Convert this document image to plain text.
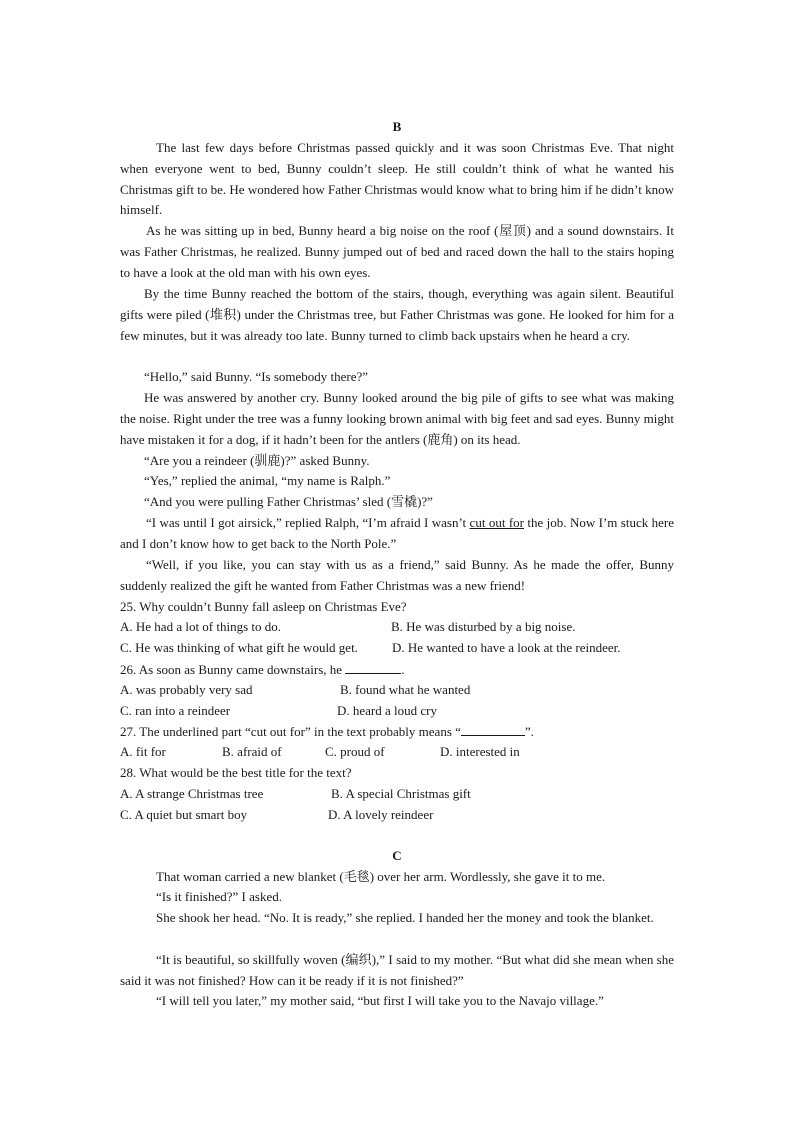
B

The last few days before Christmas passed quickly and it was soon Christmas Eve. That night when everyone went to bed, Bunny couldn’t sleep. He still couldn’t think of what he wanted his Christmas gift to be. He wondered how Father Christmas would know what to bring him if he didn’t know himself.

As he was sitting up in bed, Bunny heard a big noise on the roof (屋顶) and a sound downstairs. It was Father Christmas, he realized. Bunny jumped out of bed and raced down the hall to the stairs hoping to have a look at the old man with his own eyes.

By the time Bunny reached the bottom of the stairs, though, everything was again silent. Beautiful gifts were piled (堆积) under the Christmas tree, but Father Christmas was gone. He looked for him for a few minutes, but it was already too late. Bunny turned to climb back upstairs when he heard a cry.

“Hello,” said Bunny. “Is somebody there?”

He was answered by another cry. Bunny looked around the big pile of gifts to see what was making the noise. Right under the tree was a funny looking brown animal with big feet and sad eyes. Bunny might have mistaken it for a dog, if it hadn’t been for the antlers (鹿角) on its head.

“Are you a reindeer (驯鹿)?” asked Bunny.

“Yes,” replied the animal, “my name is Ralph.”

“And you were pulling Father Christmas’ sled (雪橇)?”

“I was until I got airsick,” replied Ralph, “I’m afraid I wasn’t cut out for the job. Now I’m stuck here and I don’t know how to get back to the North Pole.”

“Well, if you like, you can stay with us as a friend,” said Bunny. As he made the offer, Bunny suddenly realized the gift he wanted from Father Christmas was a new friend!

25. Why couldn’t Bunny fall asleep on Christmas Eve?
A. He had a lot of things to do.	B. He was disturbed by a big noise.
C. He was thinking of what gift he would get.	D. He wanted to have a look at the reindeer.
26. As soon as Bunny came downstairs, he	.
A. was probably very sad	B. found what he wanted
C. ran into a reindeer	D. heard a loud cry
27. The underlined part “cut out for” in the text probably means “	”.
A. fit for	B. afraid of	C. proud of	D. interested in
28. What would be the best title for the text?
A. A strange Christmas tree	B. A special Christmas gift
C. A quiet but smart boy	D. A lovely reindeer
C

That woman carried a new blanket (毛毯) over her arm. Wordlessly, she gave it to me.

“Is it finished?” I asked.

She shook her head. “No. It is ready,” she replied. I handed her the money and took the blanket.

“It is beautiful, so skillfully woven (编织),” I said to my mother. “But what did she mean when she said it was not finished? How can it be ready if it is not finished?”

“I will tell you later,” my mother said, “but first I will take you to the Navajo village.”
